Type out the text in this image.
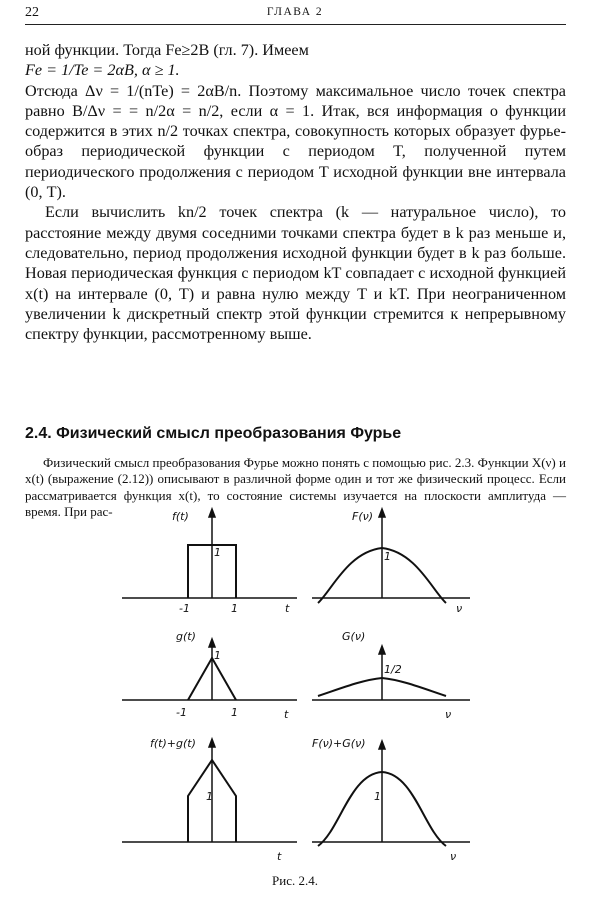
22	ГЛАВА 2

ной функции. Тогда Fe≥2B (гл. 7). Имеем

Fe = 1/Te = 2αB, α ≥ 1.

Отсюда Δν = 1/(nTe) = 2αB/n. Поэтому максимальное число точек спектра равно B/Δν = = n/2α = n/2, если α = 1. Итак, вся информация о функции содержится в этих n/2 точках спектра, совокупность которых образует фурье-образ периодической функции с периодом T, полученной путем периодического продолжения с периодом T исходной функции вне интервала (0, T).

Если вычислить kn/2 точек спектра (k — натуральное число), то расстояние между двумя соседними точками спектра будет в k раз меньше и, следовательно, период продолжения исходной функции будет в k раз больше. Новая периодическая функция с периодом kT совпадает с исходной функцией x(t) на интервале (0, T) и равна нулю между T и kT. При неограниченном увеличении k дискретный спектр этой функции стремится к непрерывному спектру функции, рассмотренному выше.

2.4. Физический смысл преобразования Фурье

Физический смысл преобразования Фурье можно понять с помощью рис. 2.3. Функции X(ν) и x(t) (выражение (2.12)) описывают в различной форме один и тот же физический процесс. Если рассматривается функция x(t), то состояние системы изучается на плоскости амплитуда — время. При рас-	f(t)
1
-1	1	t
F(ν)
1
ν
g(t)
1
-1	1	t
G(ν)
1/2
ν
f(t)+g(t)
1
t
F(ν)+G(ν)
1
ν
Рис. 2.4.
